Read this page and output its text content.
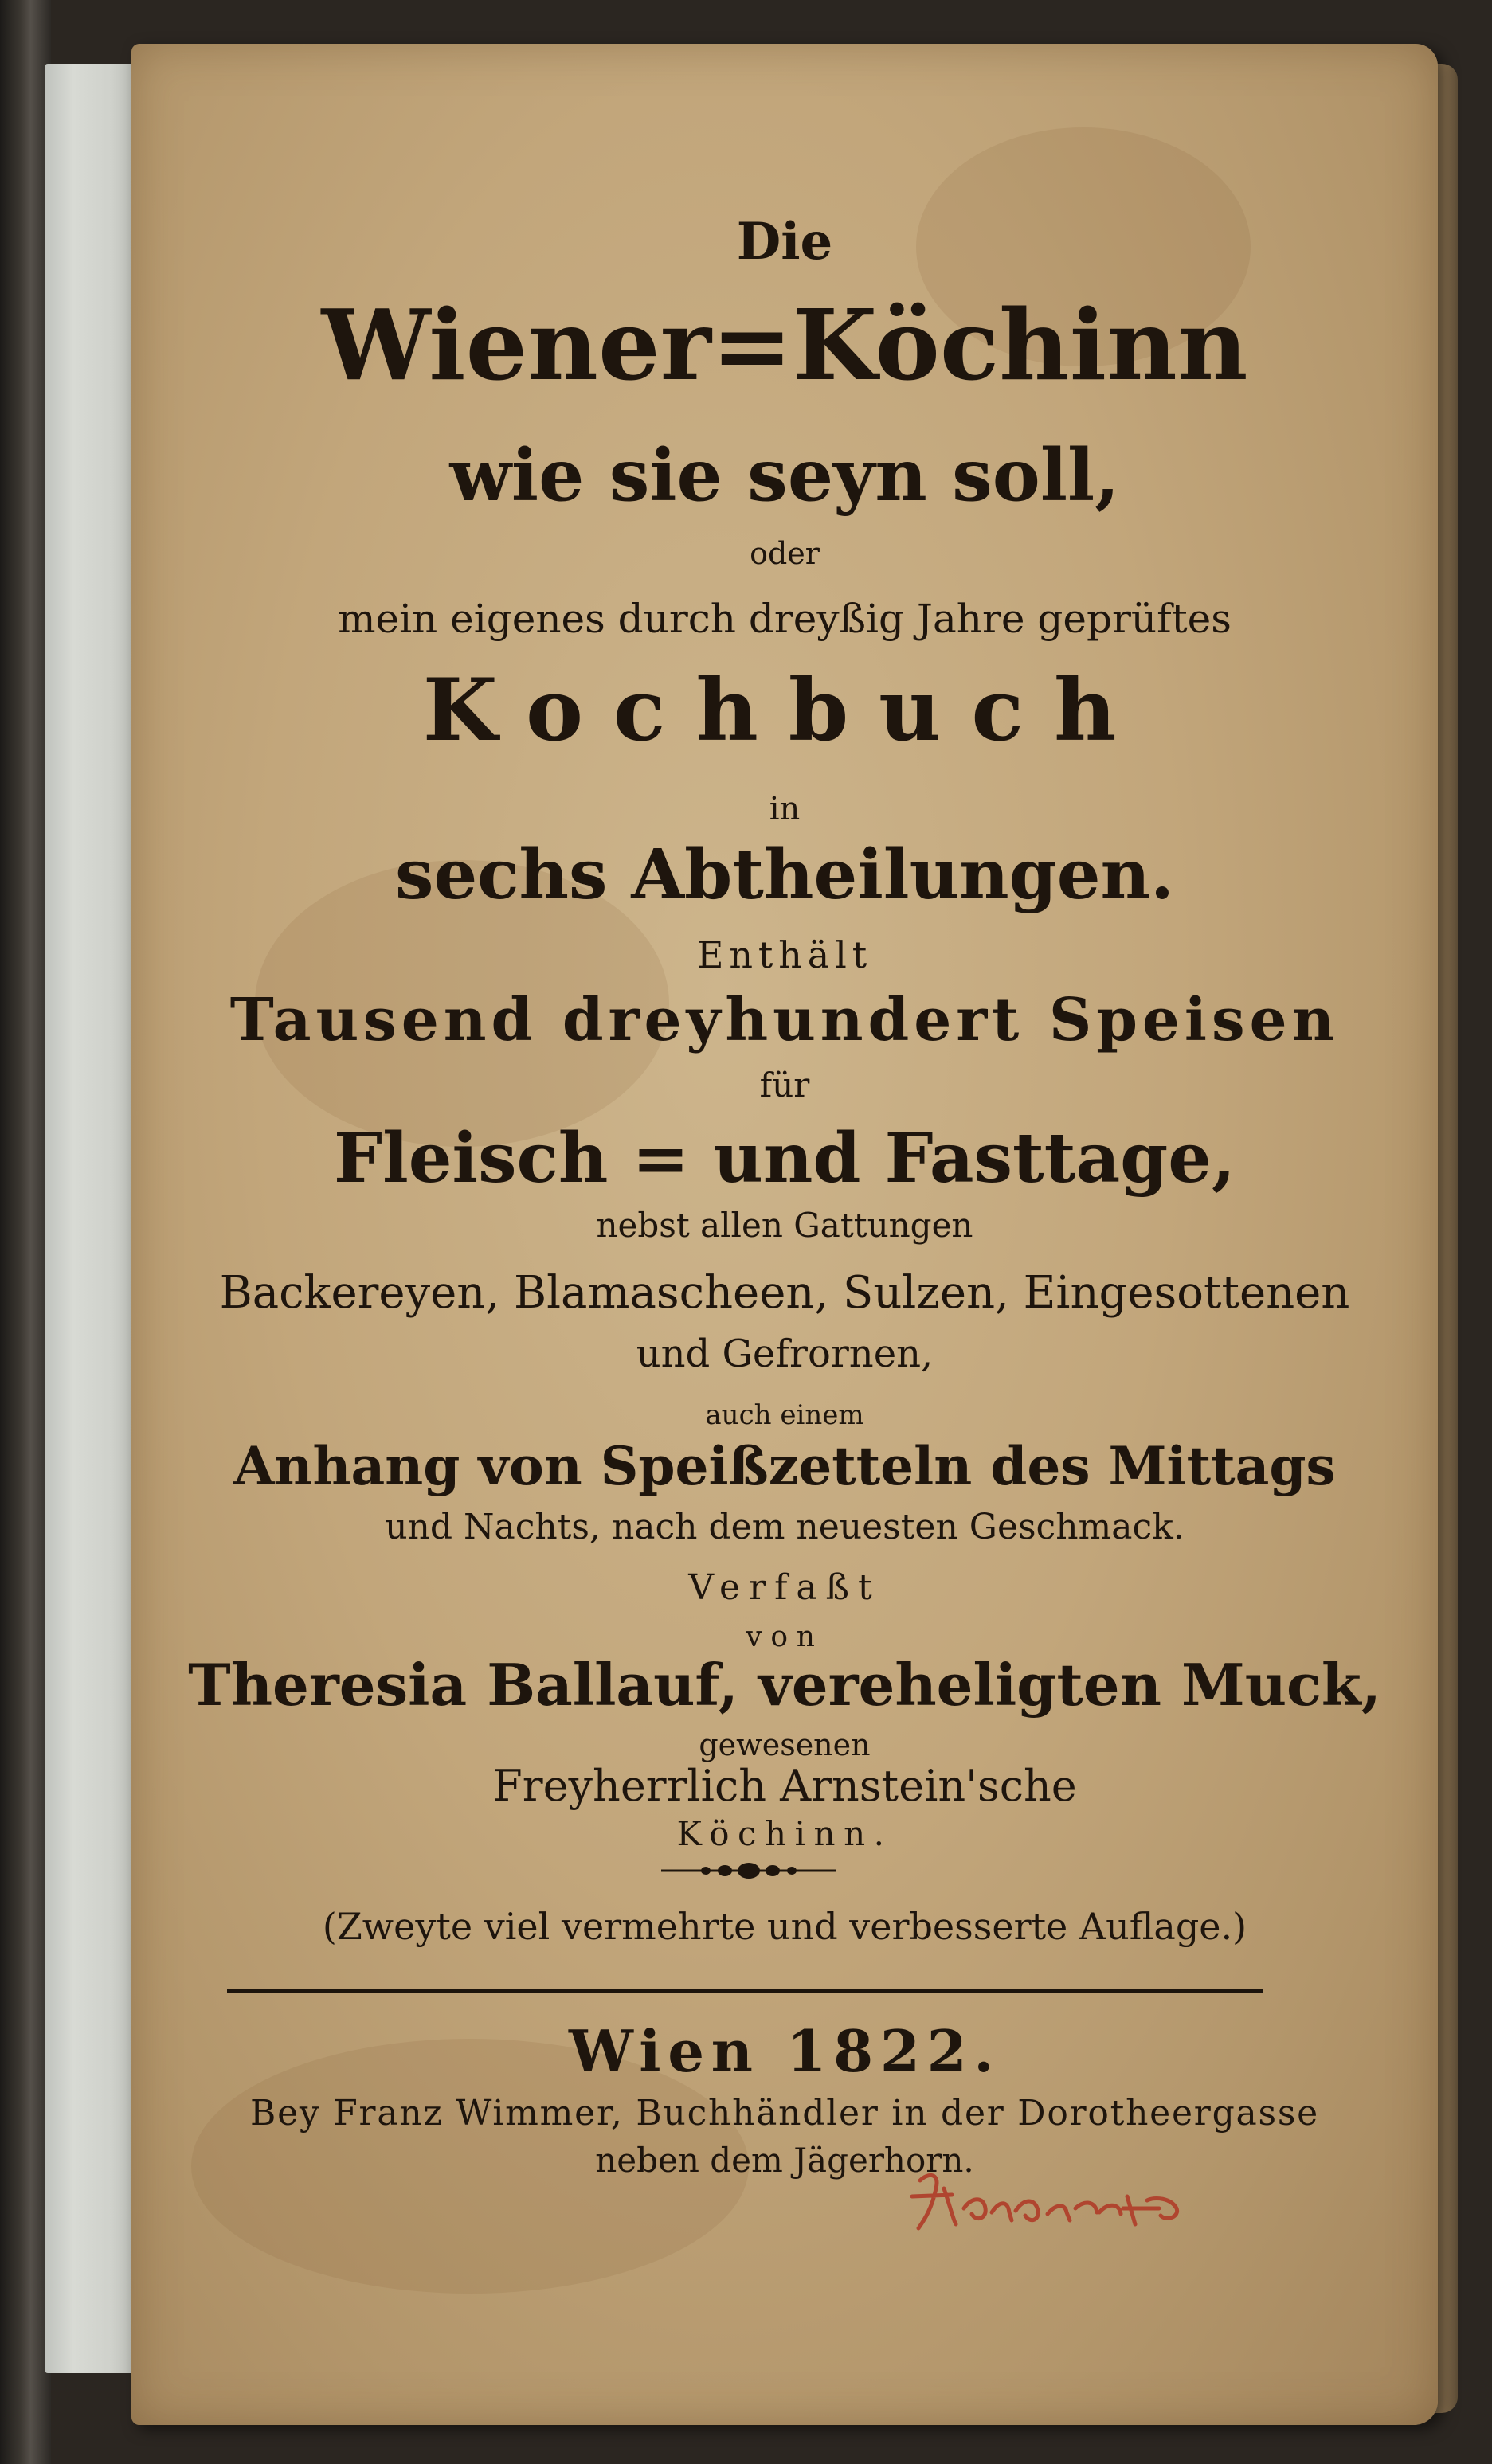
Die
Wiener=Köchinn
wie sie seyn soll,
oder
mein eigenes durch dreyßig Jahre geprüftes
Kochbuch
in
sechs Abtheilungen.
Enthält
Tausend dreyhundert Speisen
für
Fleisch = und Fasttage,
nebst allen Gattungen
Backereyen, Blamascheen, Sulzen, Eingesottenen
und Gefrornen,
auch einem
Anhang von Speißzetteln des Mittags
und Nachts, nach dem neuesten Geschmack.
Verfaßt
von
Theresia Ballauf, vereheligten Muck,
gewesenen
Freyherrlich Arnstein'sche
Köchinn.
(Zweyte viel vermehrte und verbesserte Auflage.)
Wien 1822.
Bey Franz Wimmer, Buchhändler in der Dorotheergasse
neben dem Jägerhorn.
